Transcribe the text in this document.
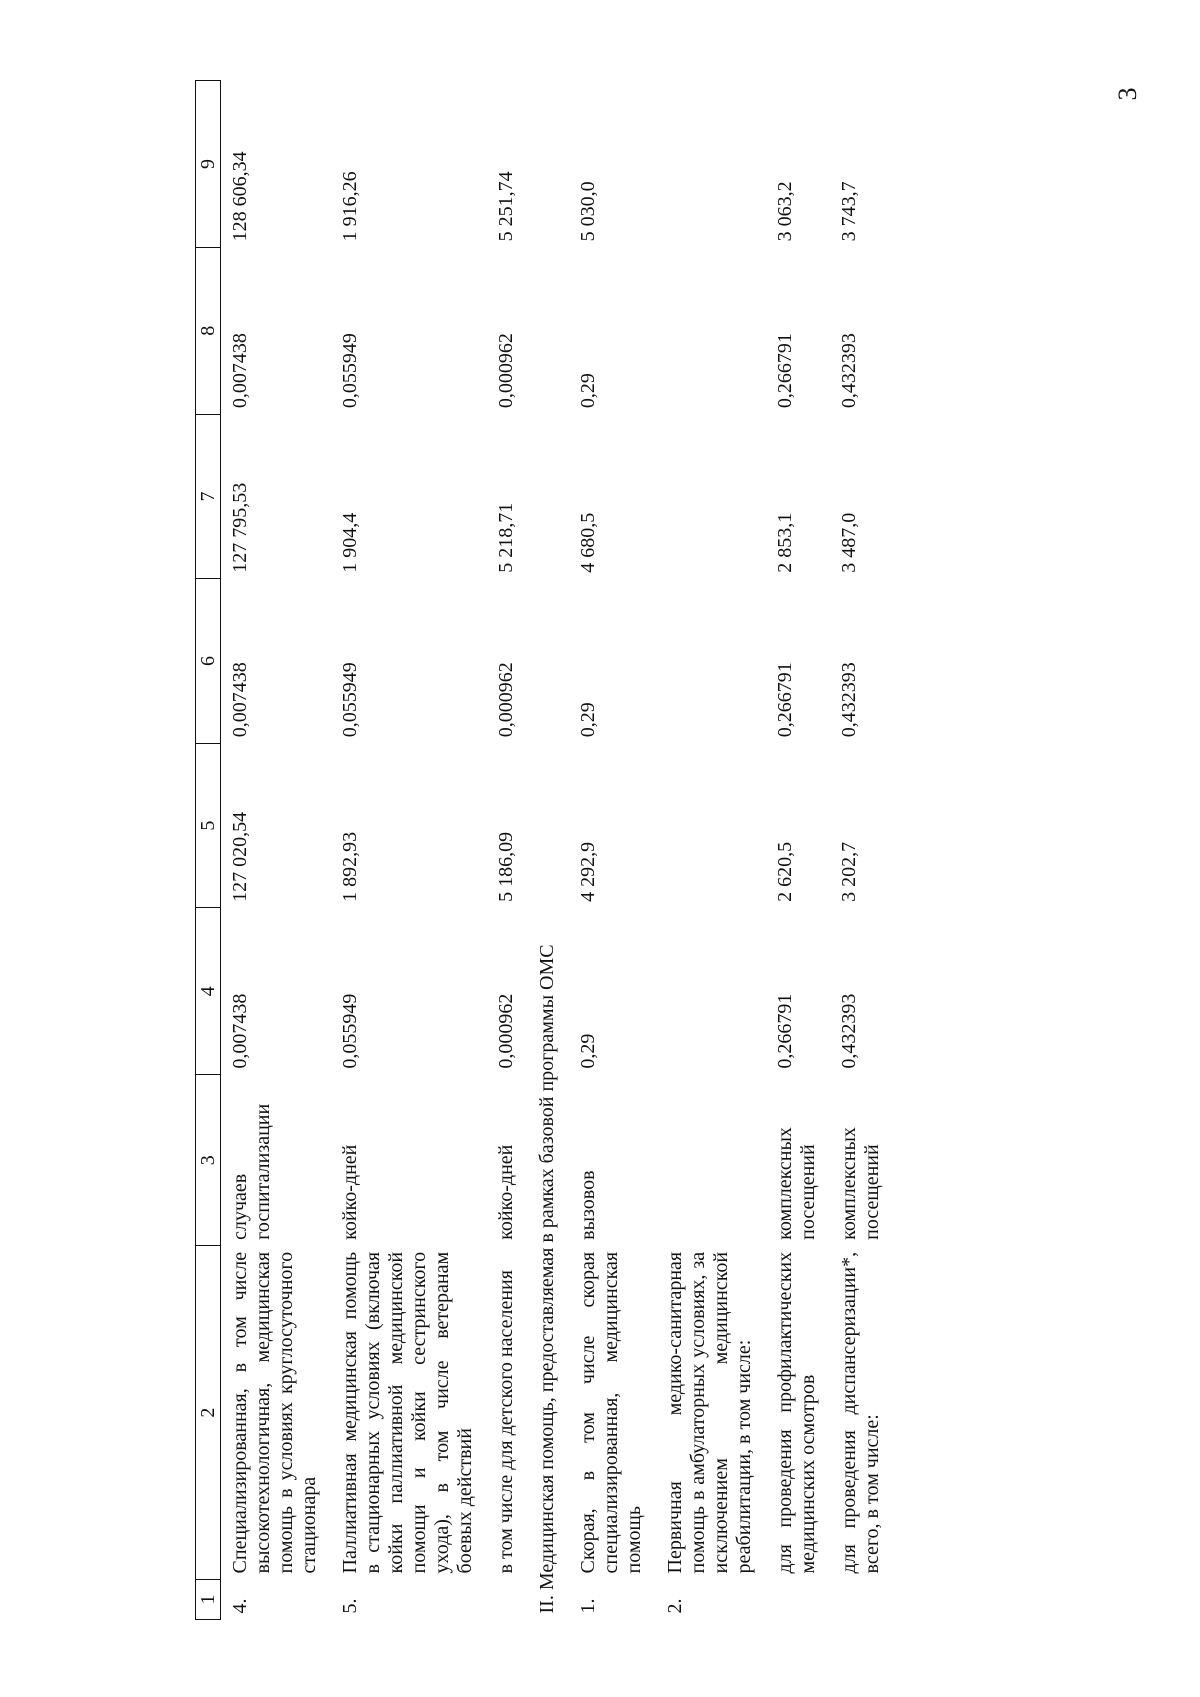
3
1	2	3	4	5	6	7	8	9
4.	Специализированная, в том числе высокотехнологичная, медицинская помощь в условиях круглосуточного стационара	случаев госпитализации	0,007438	127 020,54	0,007438	127 795,53	0,007438	128 606,34
5.	Паллиативная медицинская помощь в стационарных условиях (включая койки паллиативной медицинской помощи и койки сестринского ухода), в том числе ветеранам боевых действий	койко-дней	0,055949	1 892,93	0,055949	1 904,4	0,055949	1 916,26
	в том числе для детского населения	койко-дней	0,000962	5 186,09	0,000962	5 218,71	0,000962	5 251,74
II. Медицинская помощь, предоставляемая в рамках базовой программы ОМС								
1.	Скорая, в том числе скорая специализированная, медицинская помощь	вызовов	0,29	4 292,9	0,29	4 680,5	0,29	5 030,0
2.	Первичная медико-санитарная помощь в амбулаторных условиях, за исключением медицинской реабилитации, в том числе:							
	для проведения профилактических медицинских осмотров	комплексных посещений	0,266791	2 620,5	0,266791	2 853,1	0,266791	3 063,2
	для проведения диспансеризации*, всего, в том числе:	комплексных посещений	0,432393	3 202,7	0,432393	3 487,0	0,432393	3 743,7
